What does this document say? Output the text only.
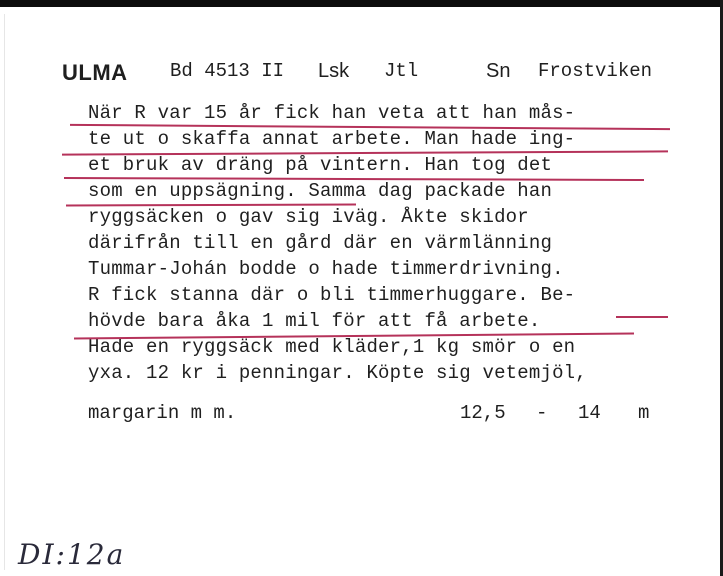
ULMA Bd 4513 II Lsk Jtl	Sn Frostviken
När R var 15 år fick han veta att han mås-
te ut o skaffa annat arbete. Man hade ing-
et bruk av dräng på vintern. Han tog det
som en uppsägning. Samma dag packade han
ryggsäcken o gav sig iväg. Åkte skidor
därifrån till en gård där en värmlänning
Tummar-Johán bodde o hade timmerdrivning.
R fick stanna där o bli timmerhuggare. Be-
hövde bara åka 1 mil för att få arbete.
Hade en ryggsäck med kläder,1 kg smör o en
yxa. 12 kr i penningar. Köpte sig vetemjöl,
margarin m m.	12,5 - 14 m
DI:12a
